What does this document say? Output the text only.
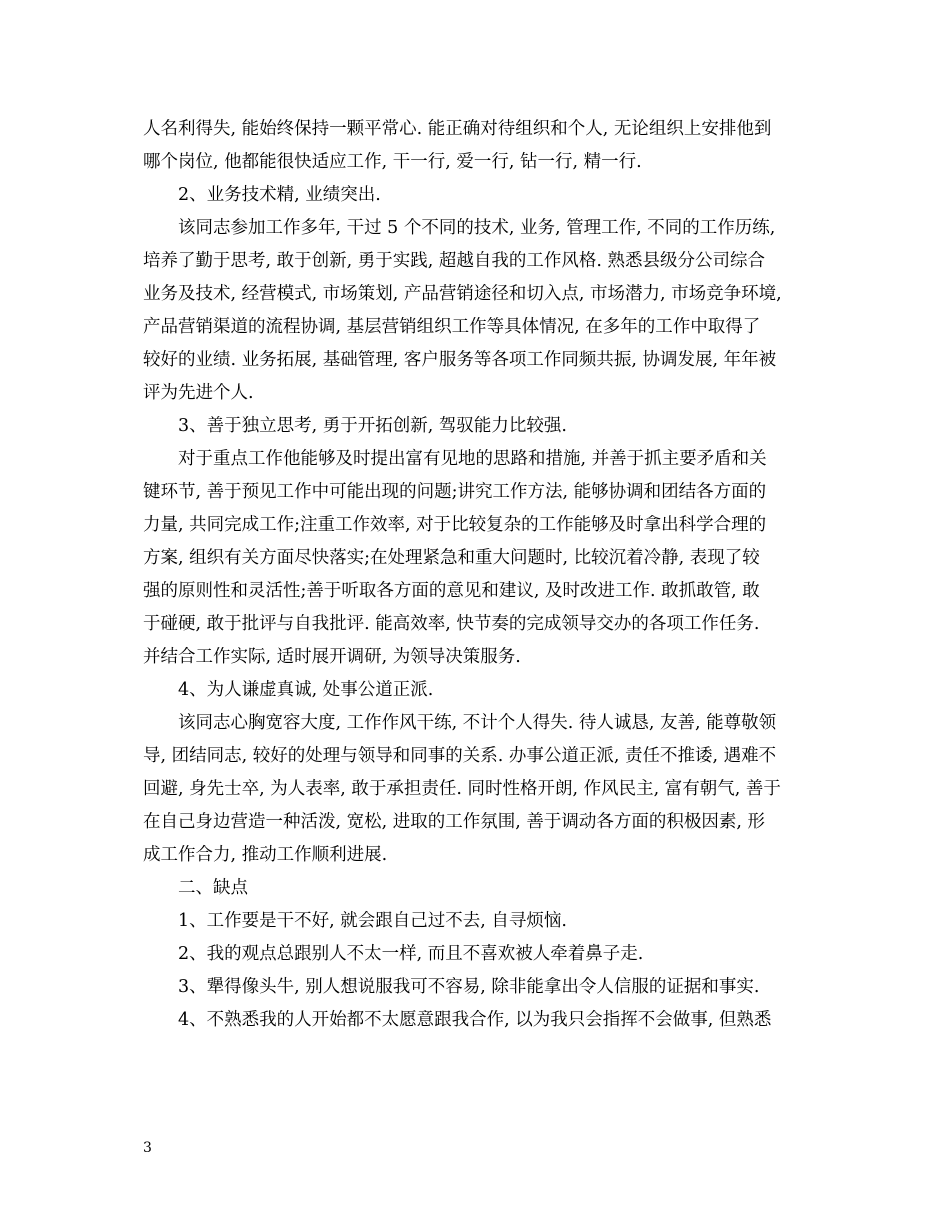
人名利得失, 能始终保持一颗平常心. 能正确对待组织和个人, 无论组织上安排他到
哪个岗位, 他都能很快适应工作, 干一行, 爱一行, 钻一行, 精一行.
　　2、业务技术精, 业绩突出.
　　该同志参加工作多年, 干过 5 个不同的技术, 业务, 管理工作, 不同的工作历练,
培养了勤于思考, 敢于创新, 勇于实践, 超越自我的工作风格. 熟悉县级分公司综合
业务及技术, 经营模式, 市场策划, 产品营销途径和切入点, 市场潜力, 市场竞争环境,
产品营销渠道的流程协调, 基层营销组织工作等具体情况, 在多年的工作中取得了
较好的业绩. 业务拓展, 基础管理, 客户服务等各项工作同频共振, 协调发展, 年年被
评为先进个人.
　　3、善于独立思考, 勇于开拓创新, 驾驭能力比较强.
　　对于重点工作他能够及时提出富有见地的思路和措施, 并善于抓主要矛盾和关
键环节, 善于预见工作中可能出现的问题;讲究工作方法, 能够协调和团结各方面的
力量, 共同完成工作;注重工作效率, 对于比较复杂的工作能够及时拿出科学合理的
方案, 组织有关方面尽快落实;在处理紧急和重大问题时, 比较沉着冷静, 表现了较
强的原则性和灵活性;善于听取各方面的意见和建议, 及时改进工作. 敢抓敢管, 敢
于碰硬, 敢于批评与自我批评. 能高效率, 快节奏的完成领导交办的各项工作任务.
并结合工作实际, 适时展开调研, 为领导决策服务.
　　4、为人谦虚真诚, 处事公道正派.
　　该同志心胸宽容大度, 工作作风干练, 不计个人得失. 待人诚恳, 友善, 能尊敬领
导, 团结同志, 较好的处理与领导和同事的关系. 办事公道正派, 责任不推诿, 遇难不
回避, 身先士卒, 为人表率, 敢于承担责任. 同时性格开朗, 作风民主, 富有朝气, 善于
在自己身边营造一种活泼, 宽松, 进取的工作氛围, 善于调动各方面的积极因素, 形
成工作合力, 推动工作顺利进展.
　　二、缺点
　　1、工作要是干不好, 就会跟自己过不去, 自寻烦恼.
　　2、我的观点总跟别人不太一样, 而且不喜欢被人牵着鼻子走.
　　3、犟得像头牛, 别人想说服我可不容易, 除非能拿出令人信服的证据和事实.
　　4、不熟悉我的人开始都不太愿意跟我合作, 以为我只会指挥不会做事, 但熟悉
3
